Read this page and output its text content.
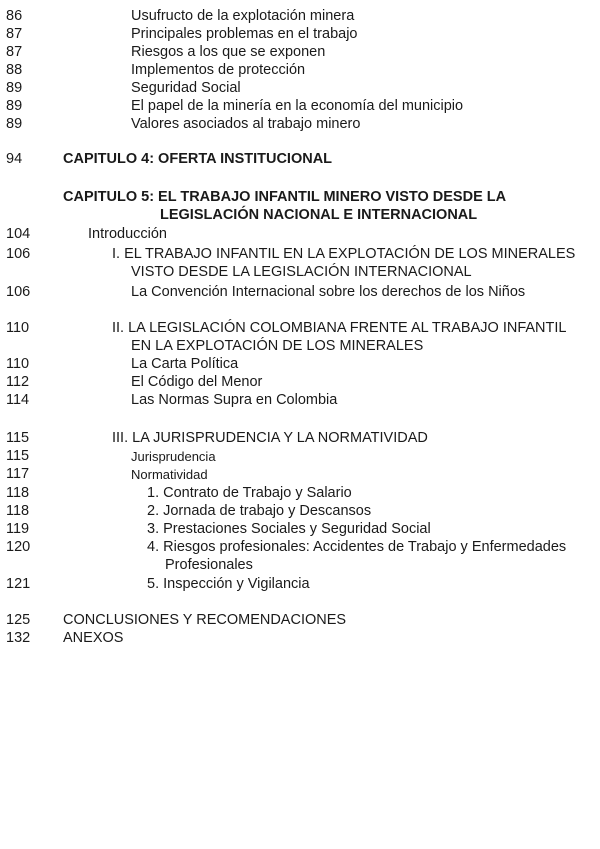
86	Usufructo de la explotación minera
87	Principales problemas en el trabajo
87	Riesgos a los que se exponen
88	Implementos de protección
89	Seguridad Social
89	El papel de la minería en la economía del municipio
89	Valores asociados al trabajo minero
94	CAPITULO 4: OFERTA INSTITUCIONAL
CAPITULO 5: EL TRABAJO INFANTIL MINERO VISTO DESDE LA
LEGISLACIÓN NACIONAL E INTERNACIONAL
104	Introducción
106	I. EL TRABAJO INFANTIL EN LA EXPLOTACIÓN DE LOS MINERALES
VISTO DESDE LA LEGISLACIÓN INTERNACIONAL
106	La Convención Internacional sobre los derechos de los Niños
110	II. LA LEGISLACIÓN COLOMBIANA FRENTE AL TRABAJO INFANTIL
EN LA EXPLOTACIÓN DE LOS MINERALES
110	La Carta Política
112	El Código del Menor
114	Las Normas Supra en Colombia
115	III. LA JURISPRUDENCIA Y LA NORMATIVIDAD
115	Jurisprudencia
117	Normatividad
118	1. Contrato de Trabajo y Salario
118	2. Jornada de trabajo y Descansos
119	3. Prestaciones Sociales y Seguridad Social
120	4. Riesgos profesionales: Accidentes de Trabajo y Enfermedades
Profesionales
121	5. Inspección y Vigilancia
125 CONCLUSIONES Y RECOMENDACIONES
132 ANEXOS
